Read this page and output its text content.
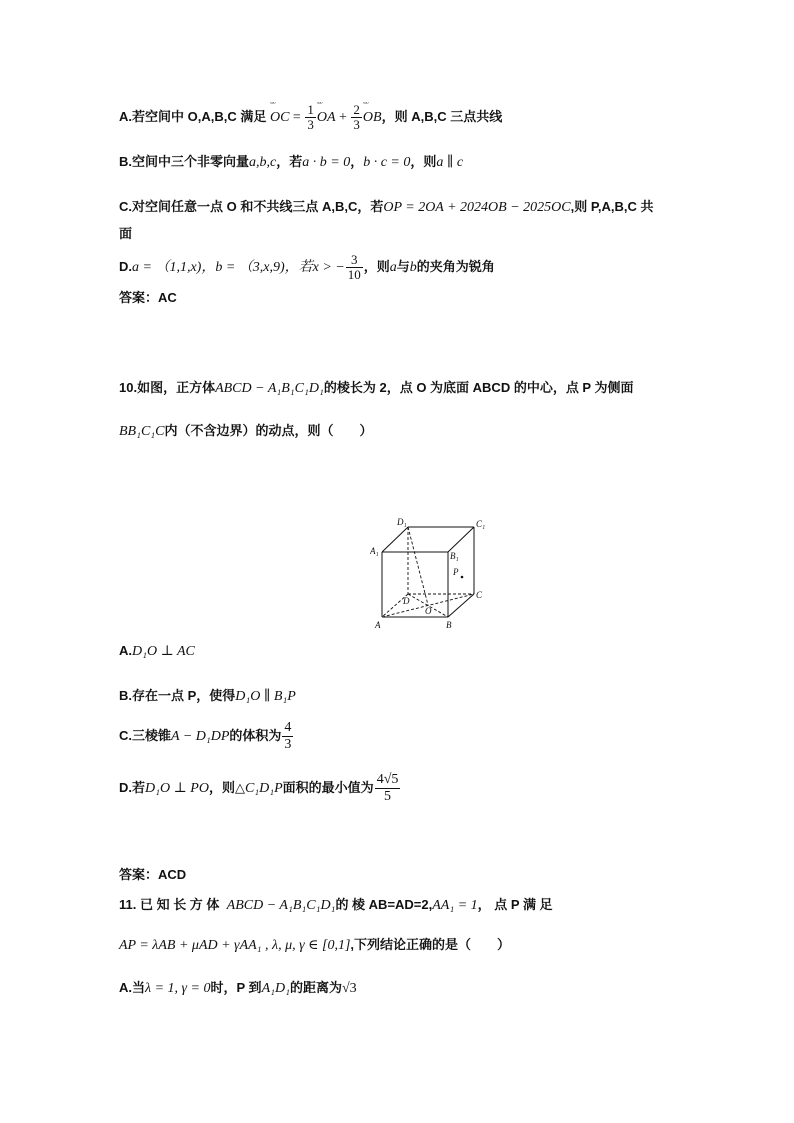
A.若空间中 O,A,B,C 满足 ᵕᵕᵕ OC = $\frac{1}{3}$ ᵕᵕᵕ OA + $\frac{2}{3}$ ᵕᵕᵕ OB，则 A,B,C 三点共线
B.空间中三个非零向量a,b,c，若a · b = 0，b · c = 0，则a ∥ c
C.对空间任意一点 O 和不共线三点 A,B,C，若OP = 2OA + 2024OB − 2025OC,则 P,A,B,C 共
面
D.a = （1,1,x)，b = （3,x,9)，若x > − $\frac{3}{10}$ ，则a与b的夹角为锐角
答案：AC
10.如图，正方体ABCD − A₁B₁C₁D₁的棱长为 2，点 O 为底面 ABCD 的中心，点 P 为侧面
BB₁C₁C内（不含边界）的动点，则（　　）
D₁	C₁
A₁	B₁
P
D
O
C
A	B
A.D₁O ⊥ AC
B.存在一点 P，使得D₁O ∥ B₁P
C.三棱锥A − D₁DP的体积为 $\frac{4}{3}$
D.若D₁O ⊥ PO，则△C₁D₁P面积的最小值为 $\frac{4√5}{5}$
答案：ACD
11. 已 知 长 方 体 ABCD − A₁B₁C₁D₁的 棱 AB=AD=2,AA₁ = 1， 点 P 满 足
AP = λAB + μAD + γAA₁ , λ, μ, γ ∈ [0,1],下列结论正确的是（　　）
A.当λ = 1, γ = 0时，P 到A₁D₁的距离为√3
